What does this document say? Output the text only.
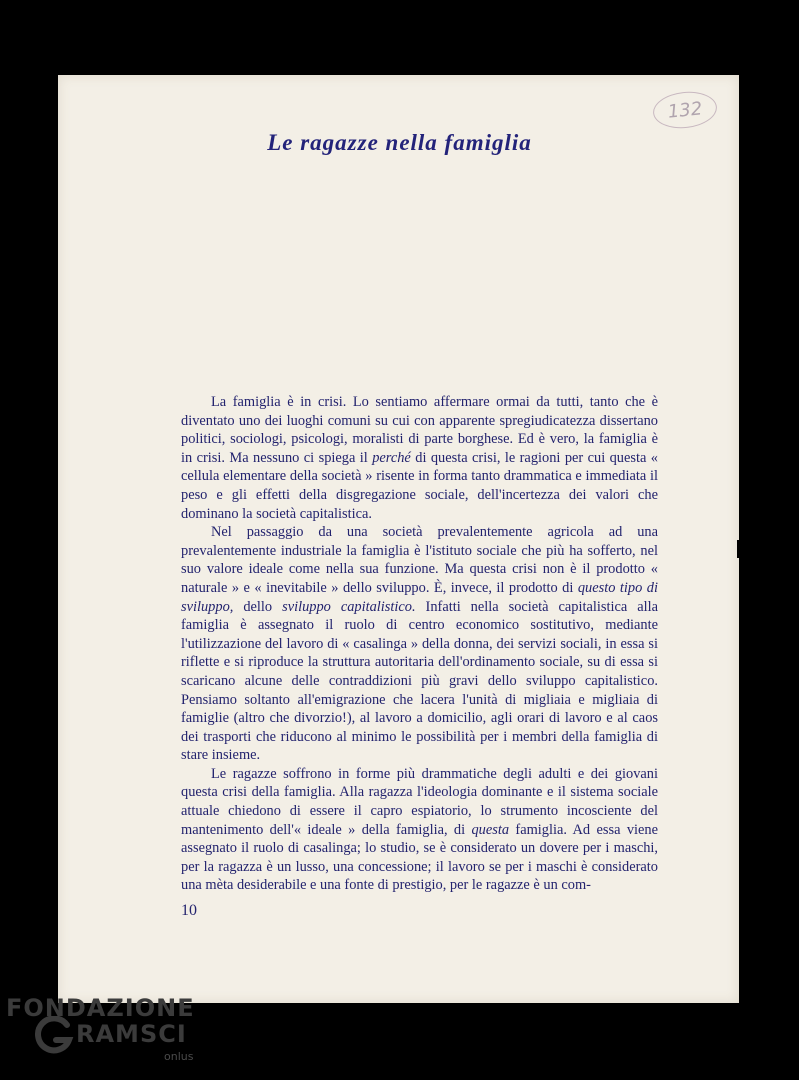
132
Le ragazze nella famiglia

La famiglia è in crisi. Lo sentiamo affermare ormai da tutti, tanto che è diventato uno dei luoghi comuni su cui con apparente spregiudicatezza dissertano politici, sociologi, psicologi, moralisti di parte borghese. Ed è vero, la famiglia è in crisi. Ma nessuno ci spiega il perché di questa crisi, le ragioni per cui questa « cellula elementare della società » risente in forma tanto drammatica e immediata il peso e gli effetti della disgregazione sociale, dell'incertezza dei valori che dominano la società capitalistica.

Nel passaggio da una società prevalentemente agricola ad una prevalentemente industriale la famiglia è l'istituto sociale che più ha sofferto, nel suo valore ideale come nella sua funzione. Ma questa crisi non è il prodotto « naturale » e « inevitabile » dello sviluppo. È, invece, il prodotto di questo tipo di sviluppo, dello sviluppo capitalistico. Infatti nella società capitalistica alla famiglia è assegnato il ruolo di centro economico sostitutivo, mediante l'utilizzazione del lavoro di « casalinga » della donna, dei servizi sociali, in essa si riflette e si riproduce la struttura autoritaria dell'ordinamento sociale, su di essa si scaricano alcune delle contraddizioni più gravi dello sviluppo capitalistico. Pensiamo soltanto all'emigrazione che lacera l'unità di migliaia e migliaia di famiglie (altro che divorzio!), al lavoro a domicilio, agli orari di lavoro e al caos dei trasporti che riducono al minimo le possibilità per i membri della famiglia di stare insieme.

Le ragazze soffrono in forme più drammatiche degli adulti e dei giovani questa crisi della famiglia. Alla ragazza l'ideologia dominante e il sistema sociale attuale chiedono di essere il capro espiatorio, lo strumento incosciente del mantenimento dell'« ideale » della famiglia, di questa famiglia. Ad essa viene assegnato il ruolo di casalinga; lo studio, se è considerato un dovere per i maschi, per la ragazza è un lusso, una concessione; il lavoro se per i maschi è considerato una mèta desiderabile e una fonte di prestigio, per le ragazze è un com-

10
FONDAZIONE
RAMSCI
onlus
